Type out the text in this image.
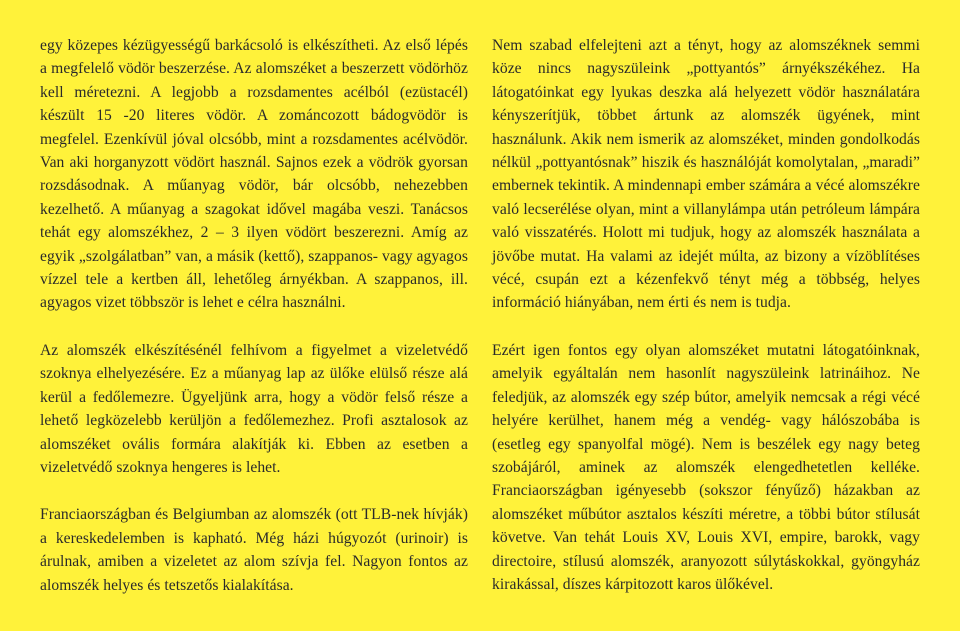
egy közepes kézügyességű barkácsoló is elkészítheti. Az első lépés a megfelelő vödör beszerzése. Az alomszéket a beszerzett vödörhöz kell méretezni. A legjobb a rozsdamentes acélból (ezüstacél) készült 15 -20 literes vödör. A zománcozott bádogvödör is megfelel. Ezenkívül jóval olcsóbb, mint a rozsdamentes acélvödör. Van aki horganyzott vödört használ. Sajnos ezek a vödrök gyorsan rozsdásodnak. A műanyag vödör, bár olcsóbb, nehezebben kezelhető. A műanyag a szagokat idővel magába veszi. Tanácsos tehát egy alomszékhez, 2 – 3 ilyen vödört beszerezni. Amíg az egyik „szolgálatban” van, a másik (kettő), szappanos- vagy agyagos vízzel tele a kertben áll, lehetőleg árnyékban. A szappanos, ill. agyagos vizet többször is lehet e célra használni.

Az alomszék elkészítésénél felhívom a figyelmet a vizeletvédő szoknya elhelyezésére. Ez a műanyag lap az ülőke elülső része alá kerül a fedőlemezre. Ügyeljünk arra, hogy a vödör felső része a lehető legközelebb kerüljön a fedőlemezhez. Profi asztalosok az alomszéket ovális formára alakítják ki. Ebben az esetben a vizeletvédő szoknya hengeres is lehet.

Franciaországban és Belgiumban az alomszék (ott TLB-nek hívják) a kereskedelemben is kapható. Még házi húgyozót (urinoir) is árulnak, amiben a vizeletet az alom szívja fel. Nagyon fontos az alomszék helyes és tetszetős kialakítása.

Nem szabad elfelejteni azt a tényt, hogy az alomszéknek semmi köze nincs nagyszüleink „pottyantós” árnyékszékéhez. Ha látogatóinkat egy lyukas deszka alá helyezett vödör használatára kényszerítjük, többet ártunk az alomszék ügyének, mint használunk. Akik nem ismerik az alomszéket, minden gondolkodás nélkül „pottyantósnak” hiszik és használóját komolytalan, „maradi” embernek tekintik. A mindennapi ember számára a vécé alomszékre való lecserélése olyan, mint a villanylámpa után petróleum lámpára való visszatérés. Holott mi tudjuk, hogy az alomszék használata a jövőbe mutat. Ha valami az idejét múlta, az bizony a vízöblítéses vécé, csupán ezt a kézenfekvő tényt még a többség, helyes információ hiányában, nem érti és nem is tudja.

Ezért igen fontos egy olyan alomszéket mutatni látogatóinknak, amelyik egyáltalán nem hasonlít nagyszüleink latrináihoz. Ne feledjük, az alomszék egy szép bútor, amelyik nemcsak a régi vécé helyére kerülhet, hanem még a vendég- vagy hálószobába is (esetleg egy spanyolfal mögé). Nem is beszélek egy nagy beteg szobájáról, aminek az alomszék elengedhetetlen kelléke. Franciaországban igényesebb (sokszor fényűző) házakban az alomszéket műbútor asztalos készíti méretre, a többi bútor stílusát követve. Van tehát Louis XV, Louis XVI, empire, barokk, vagy directoire, stílusú alomszék, aranyozott súlytáskokkal, gyöngyház kirakással, díszes kárpitozott karos ülőkével.
